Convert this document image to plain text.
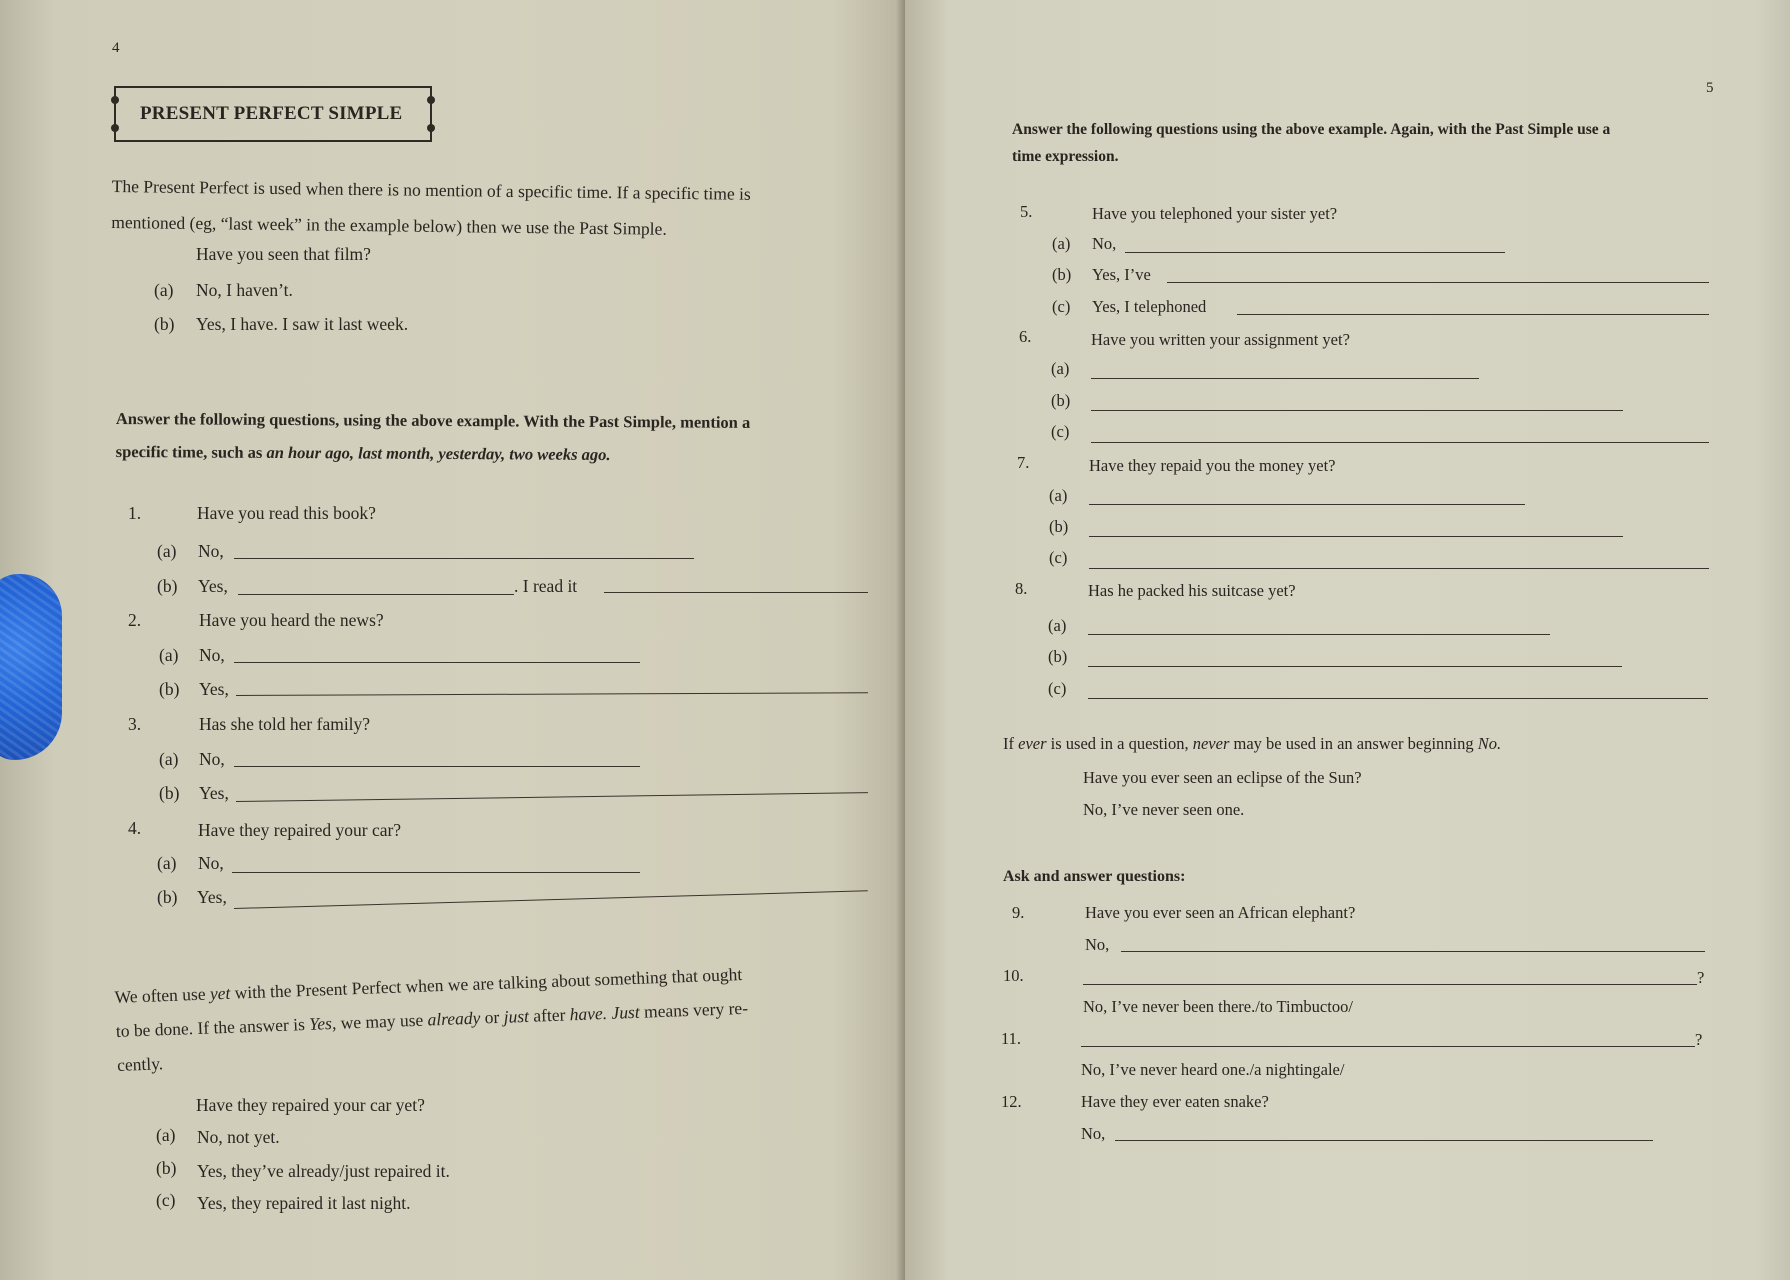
4
PRESENT PERFECT SIMPLE
The Present Perfect is used when there is no mention of a specific time. If a specific time is
mentioned (eg, “last week” in the example below) then we use the Past Simple.
Have you seen that film?
(a) No, I haven’t.
(b) Yes, I have. I saw it last week.
Answer the following questions, using the above example. With the Past Simple, mention a
specific time, such as an hour ago, last month, yesterday, two weeks ago.
1.	Have you read this book?
(a) No,
(b) Yes,	. I read it
2.	Have you heard the news?
(a) No,
(b) Yes,
3.	Has she told her family?
(a) No,
(b) Yes,
4.	Have they repaired your car?
(a) No,
(b) Yes,
We often use yet with the Present Perfect when we are talking about something that ought
to be done. If the answer is Yes, we may use already or just after have. Just means very re-
cently.
Have they repaired your car yet?
(a) No, not yet.
(b) Yes, they’ve already/just repaired it.
(c) Yes, they repaired it last night.
5
Answer the following questions using the above example. Again, with the Past Simple use a
time expression.
5.	Have you telephoned your sister yet?
(a) No,
(b) Yes, I’ve
(c) Yes, I telephoned
6.	Have you written your assignment yet?
(a)
(b)
(c)
7.	Have they repaid you the money yet?
(a)
(b)
(c)
8.	Has he packed his suitcase yet?
(a)
(b)
(c)
If ever is used in a question, never may be used in an answer beginning No.
Have you ever seen an eclipse of the Sun?
No, I’ve never seen one.
Ask and answer questions:
9.	Have you ever seen an African elephant?
No,
10.	?
No, I’ve never been there./to Timbuctoo/
11.	?
No, I’ve never heard one./a nightingale/
12.	Have they ever eaten snake?
No,
